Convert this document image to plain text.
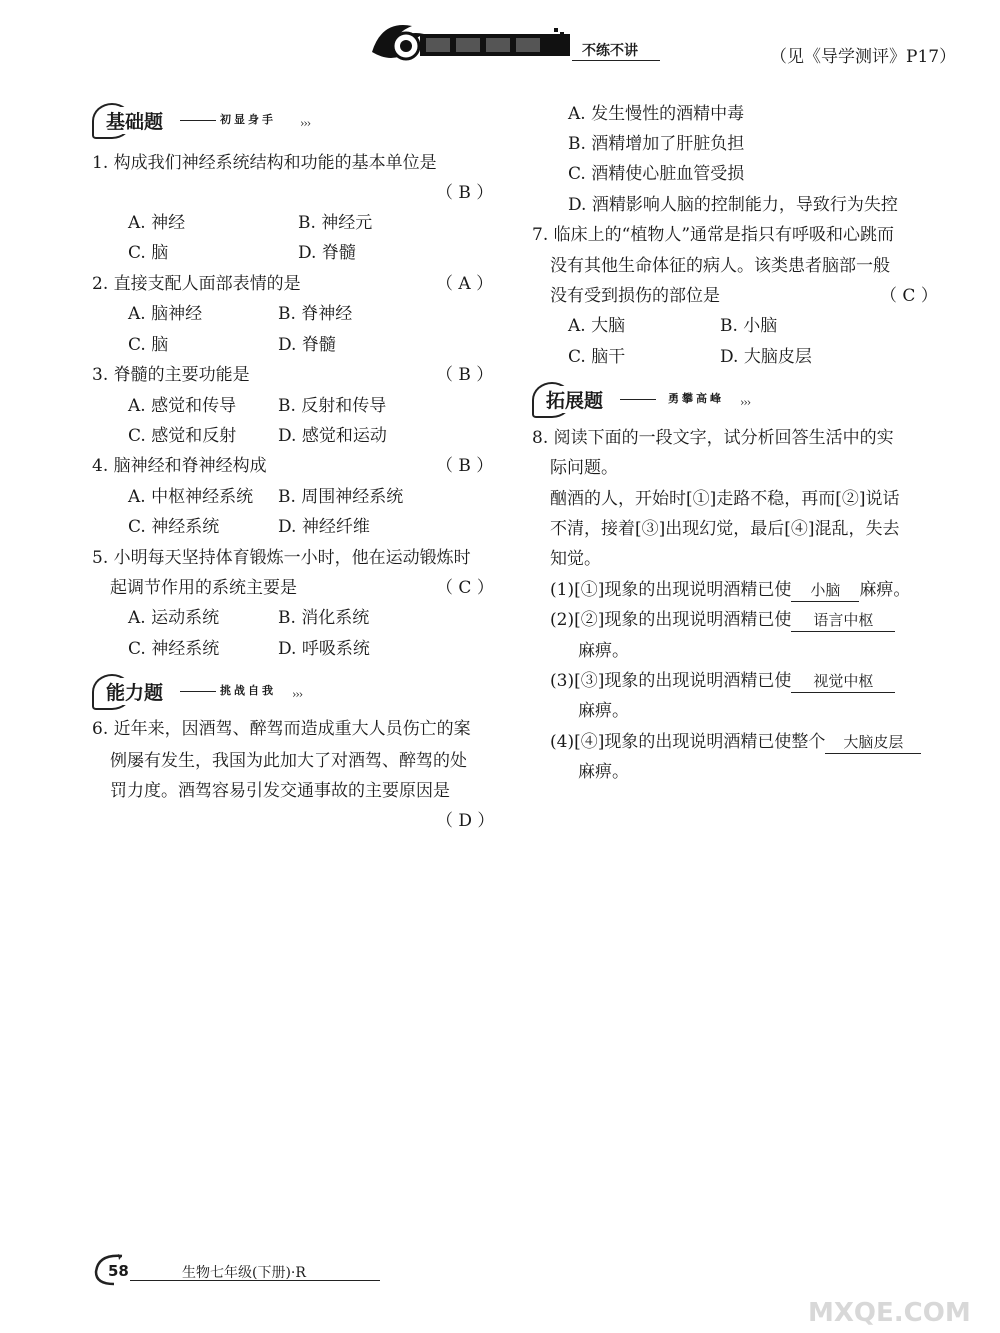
不练不讲	（见《导学测评》P17）
基础题	初显身手 ›››
1. 构成我们神经系统结构和功能的基本单位是
（ B ）
A. 神经	B. 神经元
C. 脑	D. 脊髓
2. 直接支配人面部表情的是	（ A ）
A. 脑神经	B. 脊神经
C. 脑	D. 脊髓
3. 脊髓的主要功能是	（ B ）
A. 感觉和传导 B. 反射和传导
C. 感觉和反射 D. 感觉和运动
4. 脑神经和脊神经构成	（ B ）
A. 中枢神经系统 B. 周围神经系统
C. 神经系统	D. 神经纤维
5. 小明每天坚持体育锻炼一小时，他在运动锻炼时
起调节作用的系统主要是	（ C ）
A. 运动系统	B. 消化系统
C. 神经系统	D. 呼吸系统
能力题	挑战自我 ›››
6. 近年来，因酒驾、醉驾而造成重大人员伤亡的案
例屡有发生，我国为此加大了对酒驾、醉驾的处
罚力度。酒驾容易引发交通事故的主要原因是
（ D ）
A. 发生慢性的酒精中毒
B. 酒精增加了肝脏负担
C. 酒精使心脏血管受损
D. 酒精影响人脑的控制能力，导致行为失控
7. 临床上的“植物人”通常是指只有呼吸和心跳而
没有其他生命体征的病人。该类患者脑部一般
没有受到损伤的部位是	（ C ）
A. 大脑	B. 小脑
C. 脑干	D. 大脑皮层
拓展题	勇攀高峰 ›››
8. 阅读下面的一段文字，试分析回答生活中的实
际问题。
酗酒的人，开始时[①]走路不稳，再而[②]说话
不清，接着[③]出现幻觉，最后[④]混乱，失去
知觉。
(1)[①]现象的出现说明酒精已使 小脑 麻痹。
(2)[②]现象的出现说明酒精已使 语言中枢
麻痹。
(3)[③]现象的出现说明酒精已使 视觉中枢
麻痹。
(4)[④]现象的出现说明酒精已使整个 大脑皮层
麻痹。
58	生物七年级(下册)·R
MXQE.COM
